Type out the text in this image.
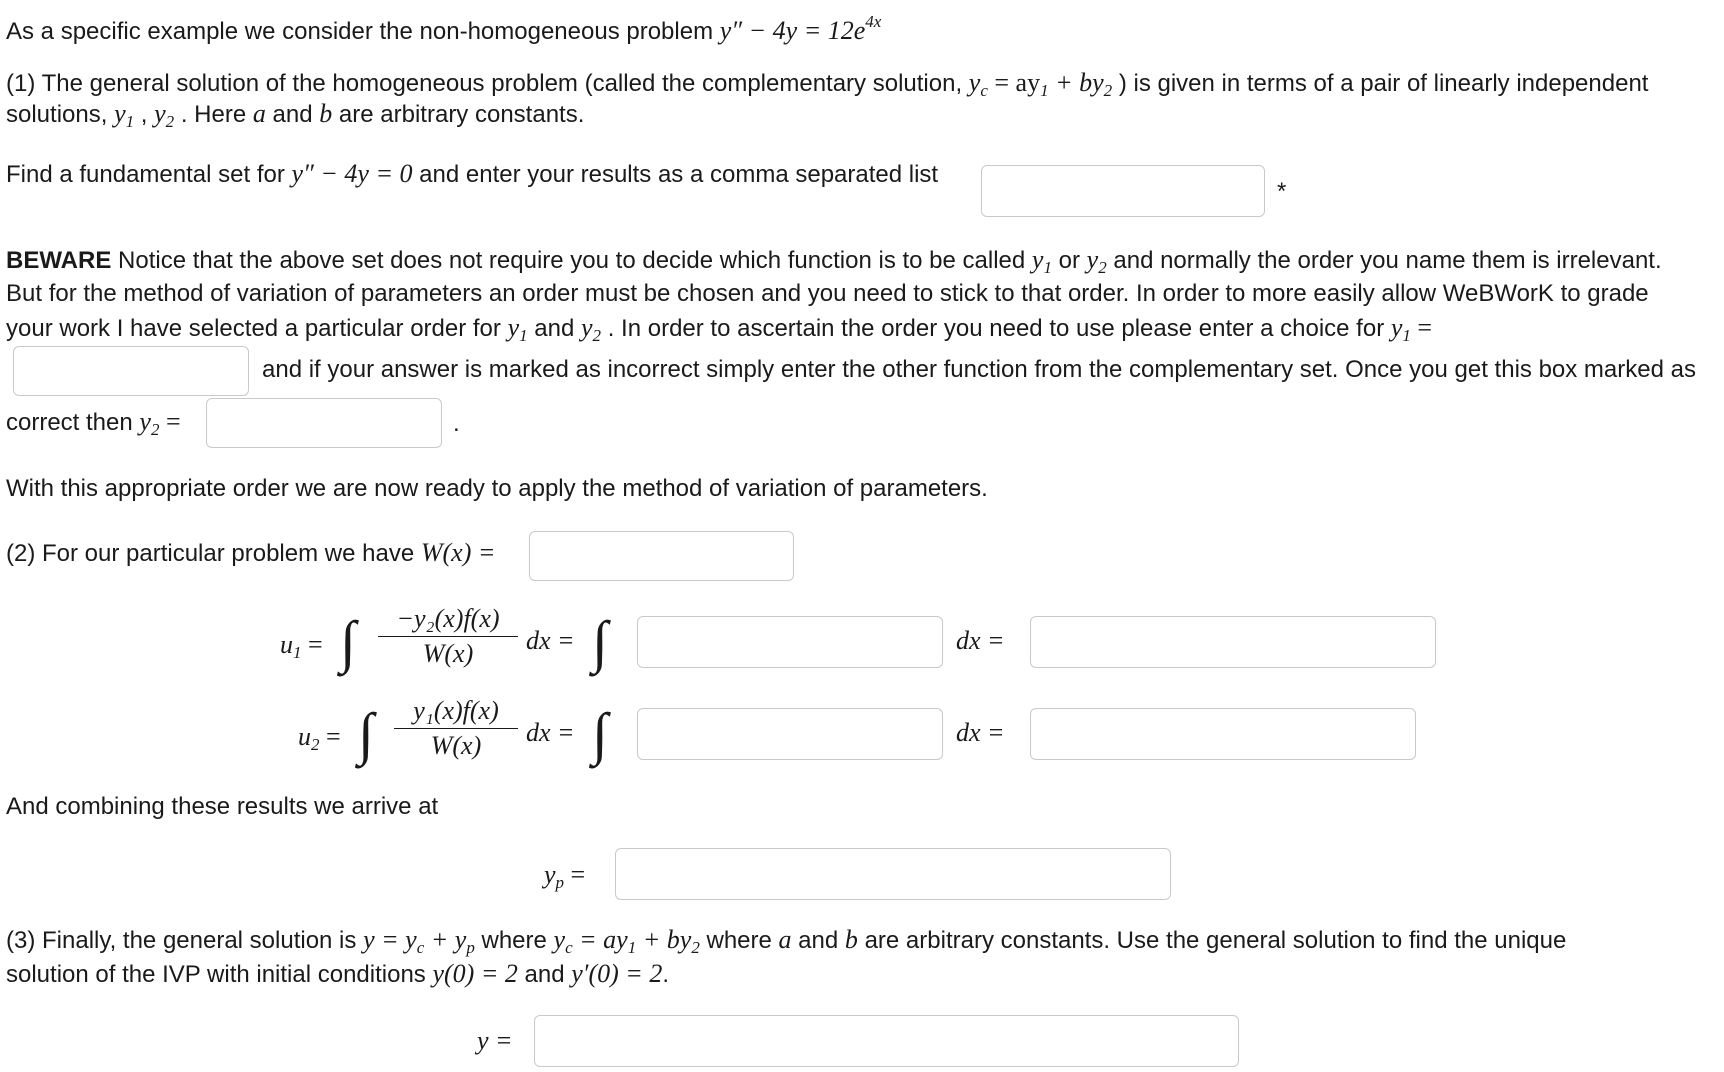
As a specific example we consider the non-homogeneous problem $y'' - 4y = 12e^{4x}$
(1) The general solution of the homogeneous problem (called the complementary solution, $y_c = ay_1 + by_2$ ) is given in terms of a pair of linearly independent
solutions, $y_1$ , $y_2$ . Here a and b are arbitrary constants.
Find a fundamental set for y″ − 4y = 0 and enter your results as a comma separated list
*
BEWARE Notice that the above set does not require you to decide which function is to be called $y_1$ or $y_2$ and normally the order you name them is irrelevant.
But for the method of variation of parameters an order must be chosen and you need to stick to that order. In order to more easily allow WeBWorK to grade
your work I have selected a particular order for $y_1$ and $y_2$ . In order to ascertain the order you need to use please enter a choice for $y_1$ =
and if your answer is marked as incorrect simply enter the other function from the complementary set. Once you get this box marked as
correct then $y_2$ =	.
With this appropriate order we are now ready to apply the method of variation of parameters.
(2) For our particular problem we have W(x) =
$u_1$ = ∫ $\frac{\text{−y₂(x)f(x)}}{W(x)}$ dx = ∫	dx =
$u_2$ = ∫ $\frac{\text{y₁(x)f(x)}}{W(x)}$ dx = ∫	dx =
And combining these results we arrive at
$y_p$ =
(3) Finally, the general solution is $y = y_c + y_p$ where $y_c = ay_1 + by_2$ where a and b are arbitrary constants. Use the general solution to find the unique
solution of the IVP with initial conditions y(0) = 2 and y′(0) = 2.
y =
